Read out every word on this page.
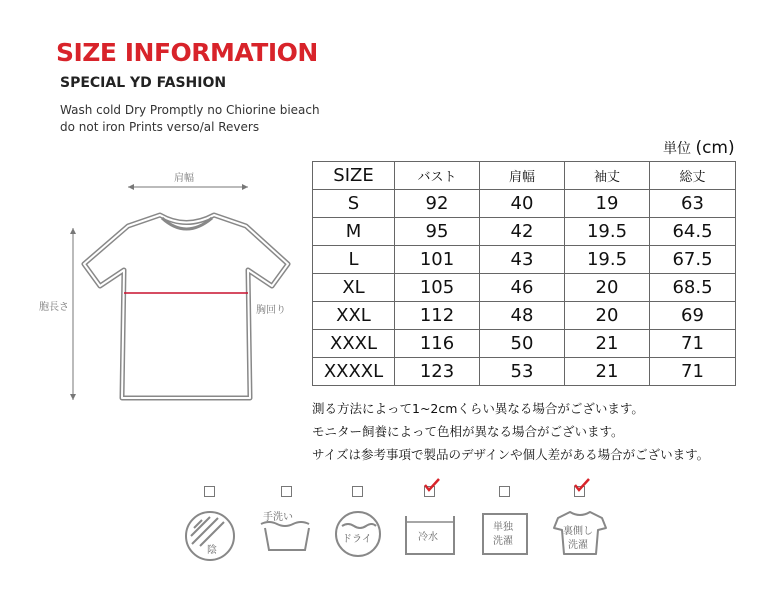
SIZE INFORMATION
SPECIAL YD FASHION
Wash cold Dry Promptly no Chiorine bieach
do not iron Prints verso/al Revers
肩幅
胞長さ	胸回り
単位 (cm)
SIZE	バスト	肩幅	袖丈	総丈
S	92	40	19	63
M	95	42	19.5	64.5
L	101	43	19.5	67.5
XL	105	46	20	68.5
XXL	112	48	20	69
XXXL	116	50	21	71
XXXXL	123	53	21	71
測る方法によって1~2cmくらい異なる場合がございます。
モニター飼養によって色相が異なる場合がございます。
サイズは参考事項で製品のデザインや個人差がある場合がございます。
陰
手洗い
ドライ	冷水
単独
洗濯
裏側し
洗濯
